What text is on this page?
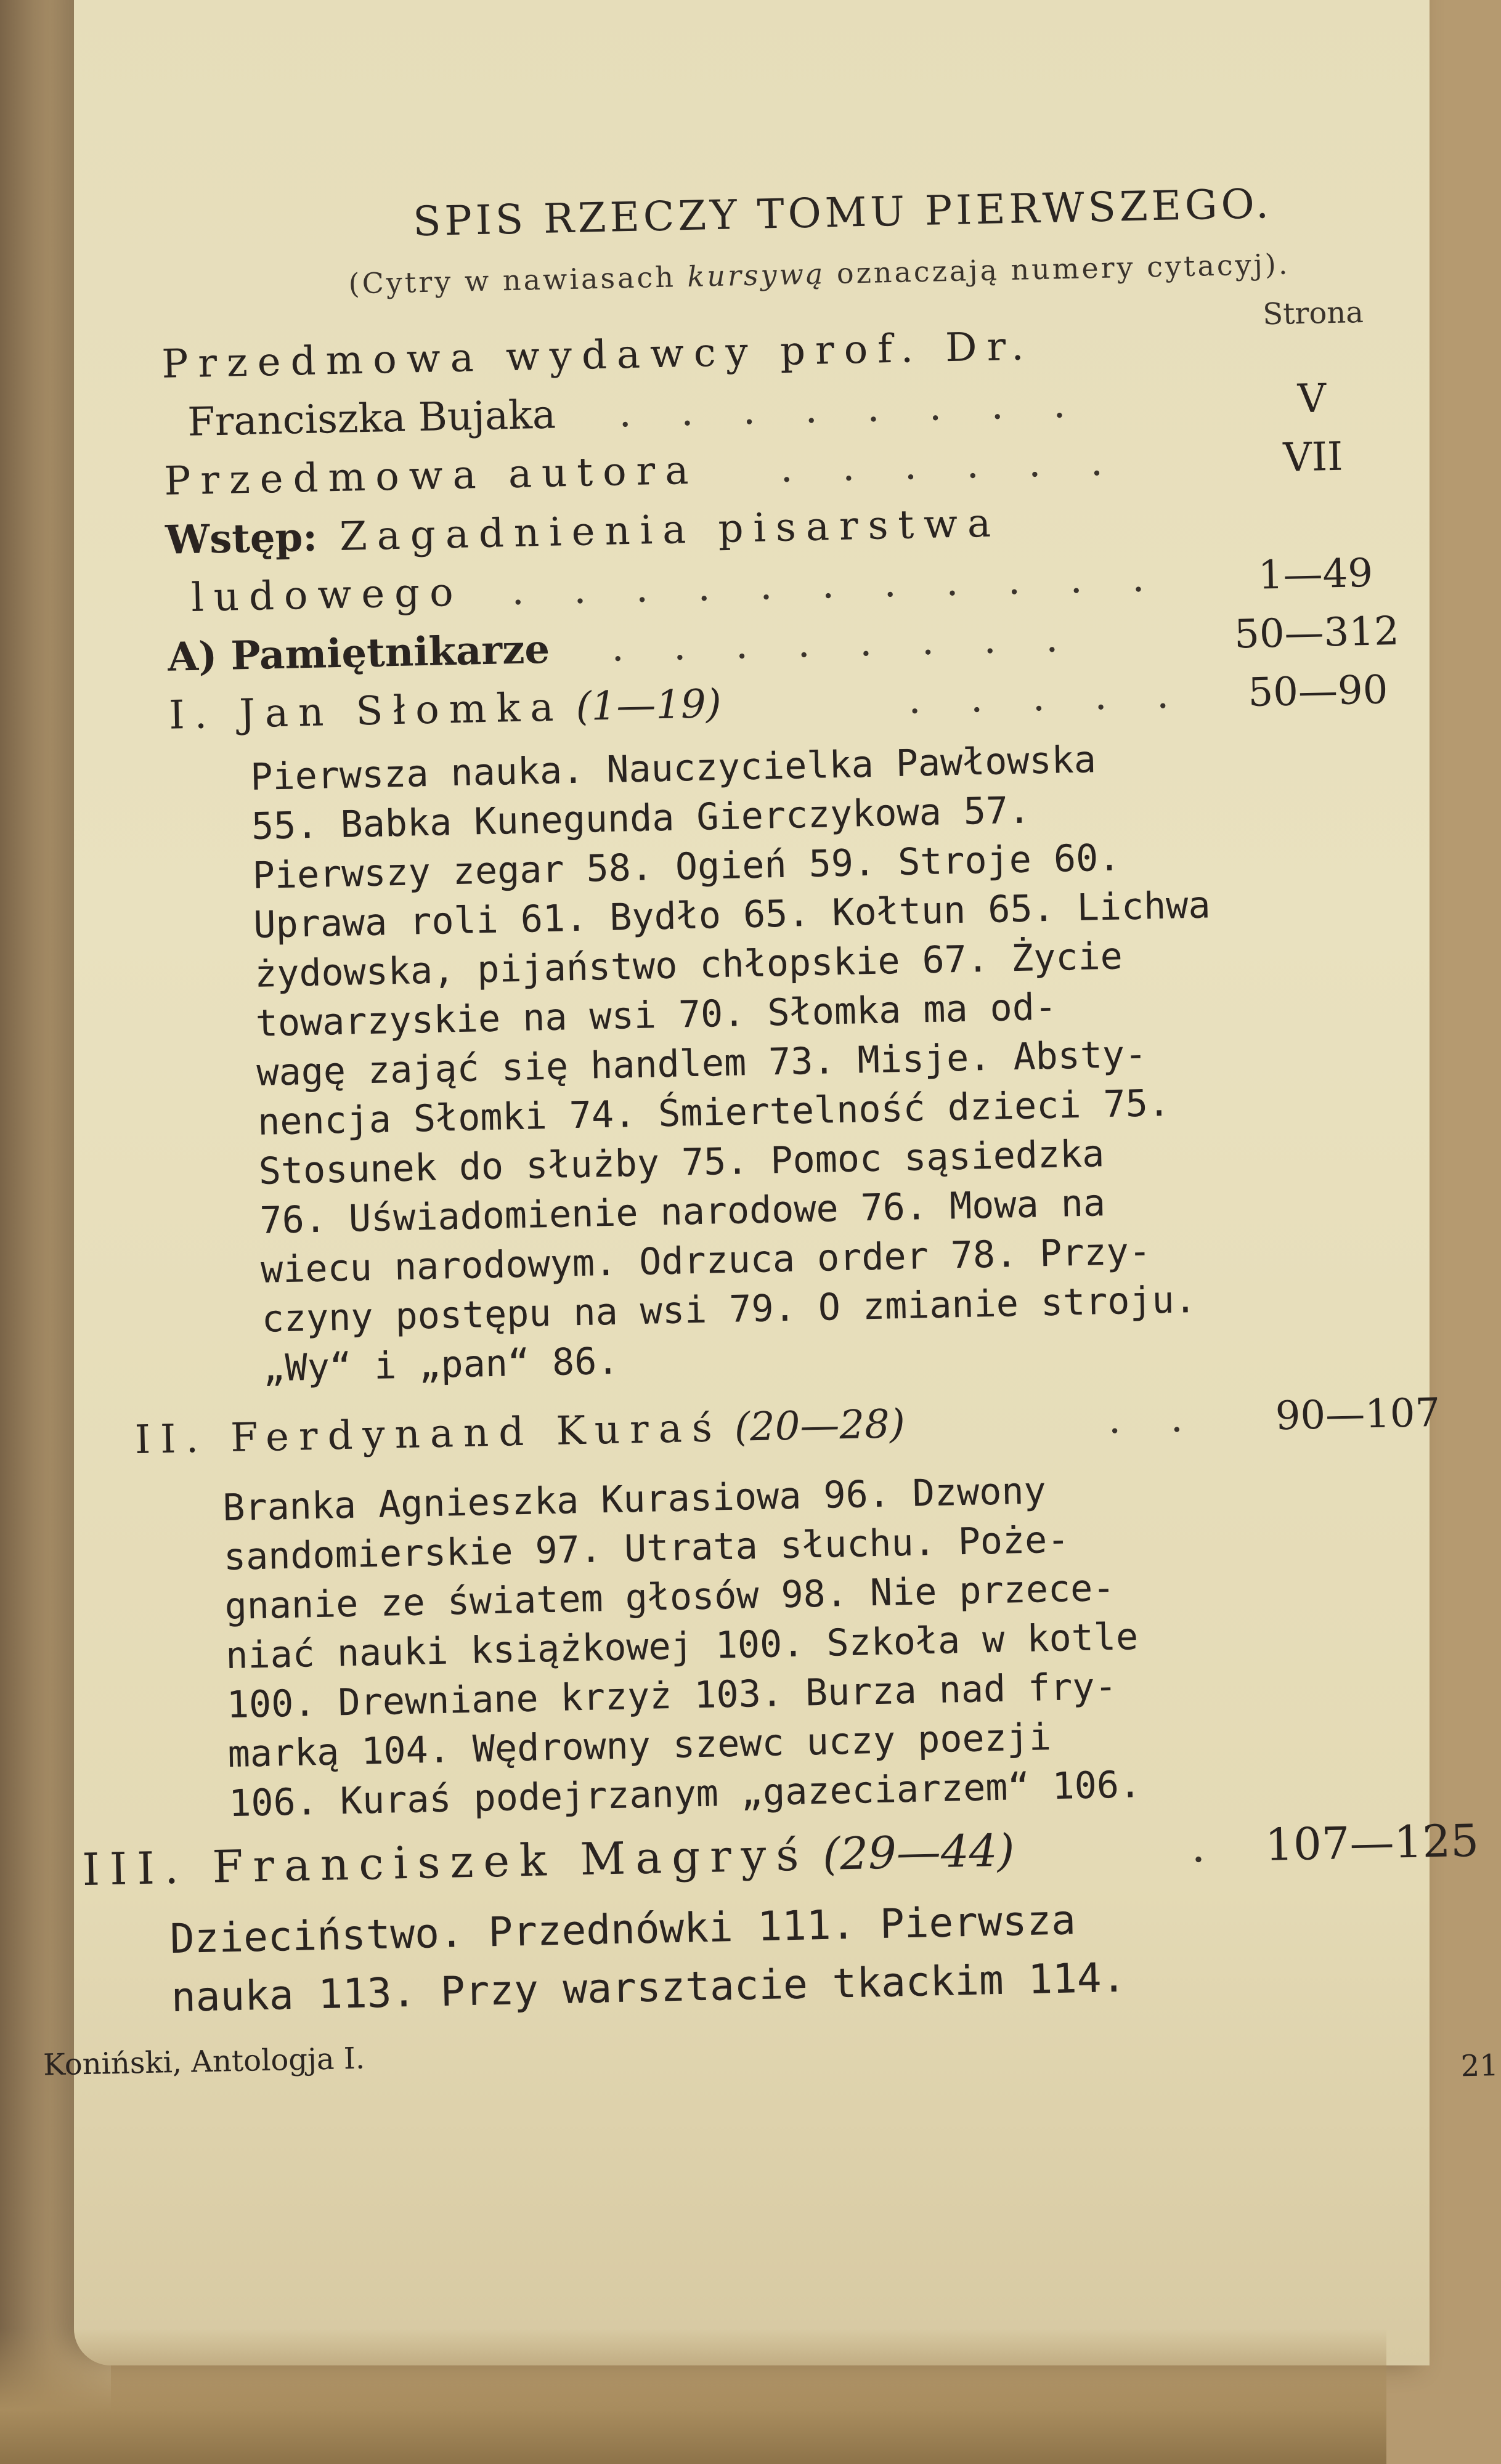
SPIS RZECZY TOMU PIERWSZEGO.
(Cytry w nawiasach kursywą oznaczają numery cytacyj).
Strona
Przedmowa wydawcy prof. Dr.
Franciszka Bujaka . . . . . . . .	V
Przedmowa autora . . . . . .	VII
Wstęp: Zagadnienia pisarstwa
ludowego . . . . . . . . . . .	1—49
A) Pamiętnikarze . . . . . . . .	50—312
I. Jan Słomka (1—19)	. . . . .	50—90
Pierwsza nauka. Nauczycielka Pawłowska
55. Babka Kunegunda Gierczykowa 57.
Pierwszy zegar 58. Ogień 59. Stroje 60.
Uprawa roli 61. Bydło 65. Kołtun 65. Lichwa
żydowska, pijaństwo chłopskie 67. Życie
towarzyskie na wsi 70. Słomka ma od-
wagę zająć się handlem 73. Misje. Absty-
nencja Słomki 74. Śmiertelność dzieci 75.
Stosunek do służby 75. Pomoc sąsiedzka
76. Uświadomienie narodowe 76. Mowa na
wiecu narodowym. Odrzuca order 78. Przy-
czyny postępu na wsi 79. O zmianie stroju.
„Wy“ i „pan“ 86.
II. Ferdynand Kuraś (20—28)	. .	90—107
Branka Agnieszka Kurasiowa 96. Dzwony
sandomierskie 97. Utrata słuchu. Poże-
gnanie ze światem głosów 98. Nie przece-
niać nauki książkowej 100. Szkoła w kotle
100. Drewniane krzyż 103. Burza nad fry-
marką 104. Wędrowny szewc uczy poezji
106. Kuraś podejrzanym „gazeciarzem“ 106.
III. Franciszek Magryś (29—44)	. 107—125
Dzieciństwo. Przednówki 111. Pierwsza
nauka 113. Przy warsztacie tkackim 114.
Koniński, Antologja I.	21
